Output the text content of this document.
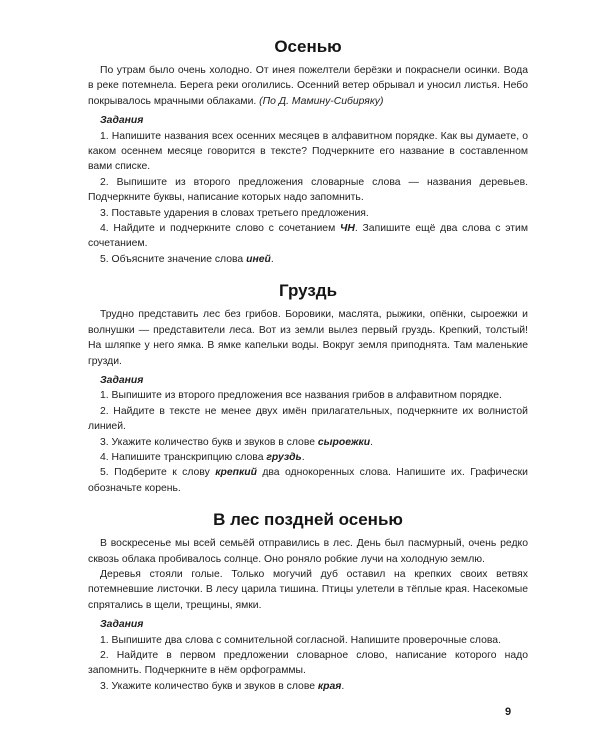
Осенью

По утрам было очень холодно. От инея пожелтели берёзки и покраснели осинки. Вода в реке потемнела. Берега реки оголились. Осенний ветер обрывал и уносил листья. Небо покрывалось мрачными облаками. (По Д. Мамину-Сибиряку)

Задания

1. Напишите названия всех осенних месяцев в алфавитном порядке. Как вы думаете, о каком осеннем месяце говорится в тексте? Подчеркните его название в составленном вами списке.

2. Выпишите из второго предложения словарные слова — названия деревьев. Подчеркните буквы, написание которых надо запомнить.

3. Поставьте ударения в словах третьего предложения.

4. Найдите и подчеркните слово с сочетанием ЧН. Запишите ещё два слова с этим сочетанием.

5. Объясните значение слова иней.

Груздь

Трудно представить лес без грибов. Боровики, маслята, рыжики, опёнки, сыроежки и волнушки — представители леса. Вот из земли вылез первый груздь. Крепкий, толстый! На шляпке у него ямка. В ямке капельки воды. Вокруг земля приподнята. Там маленькие грузди.

Задания

1. Выпишите из второго предложения все названия грибов в алфавитном порядке.

2. Найдите в тексте не менее двух имён прилагательных, подчеркните их волнистой линией.

3. Укажите количество букв и звуков в слове сыроежки.

4. Напишите транскрипцию слова груздь.

5. Подберите к слову крепкий два однокоренных слова. Напишите их. Графически обозначьте корень.

В лес поздней осенью

В воскресенье мы всей семьёй отправились в лес. День был пасмурный, очень редко сквозь облака пробивалось солнце. Оно роняло робкие лучи на холодную землю.

Деревья стояли голые. Только могучий дуб оставил на крепких своих ветвях потемневшие листочки. В лесу царила тишина. Птицы улетели в тёплые края. Насекомые спрятались в щели, трещины, ямки.

Задания

1. Выпишите два слова с сомнительной согласной. Напишите проверочные слова.

2. Найдите в первом предложении словарное слово, написание которого надо запомнить. Подчеркните в нём орфограммы.

3. Укажите количество букв и звуков в слове края.

9
